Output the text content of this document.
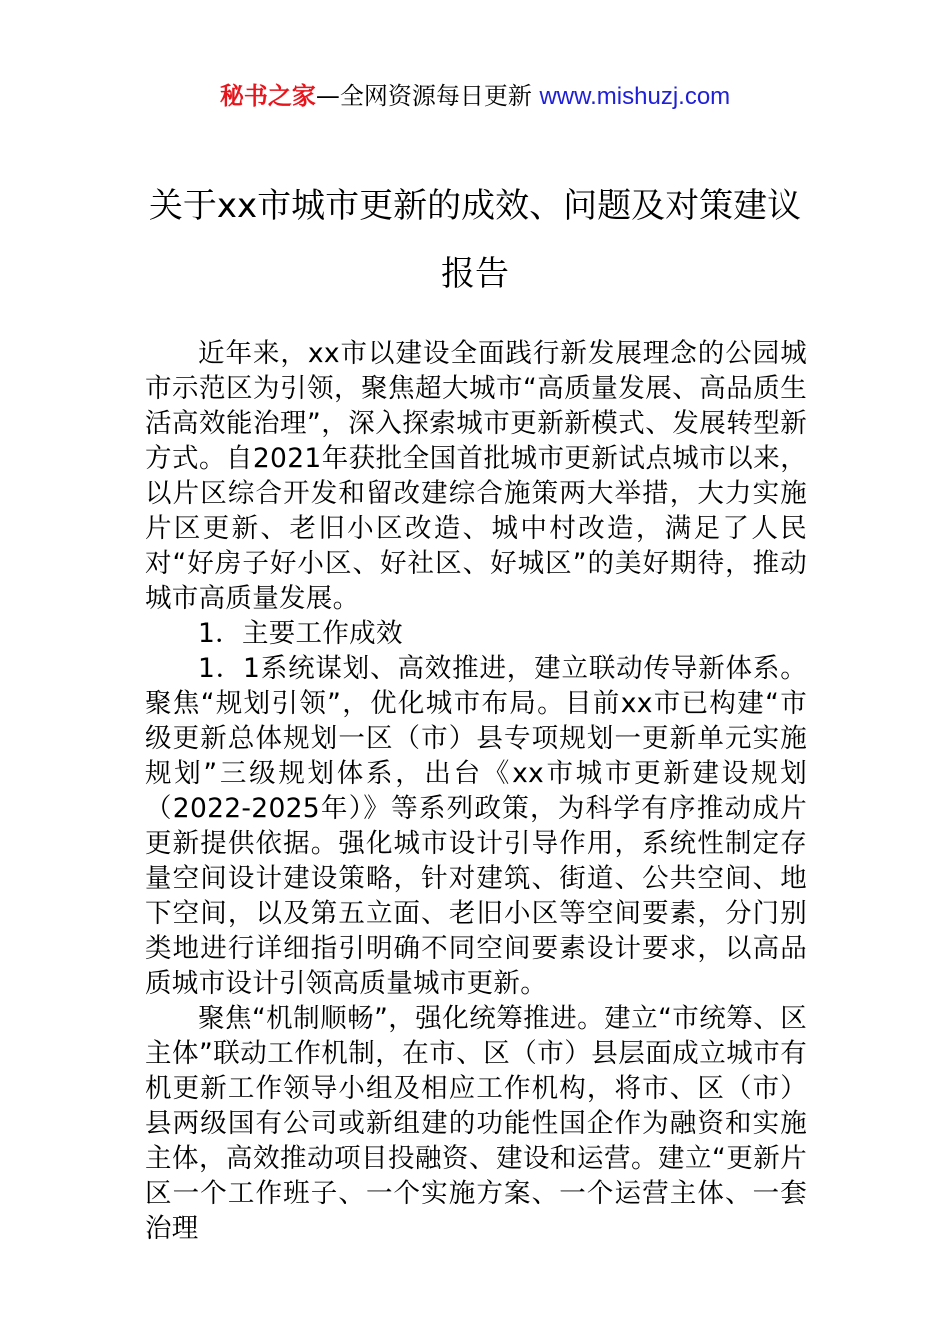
秘书之家—全网资源每日更新 www.mishuzj.com
关于xx市城市更新的成效、问题及对策建议报告

近年来，xx市以建设全面践行新发展理念的公园城市示范区为引领，聚焦超大城市“高质量发展、高品质生活高效能治理”，深入探索城市更新新模式、发展转型新方式。自2021年获批全国首批城市更新试点城市以来，以片区综合开发和留改建综合施策两大举措，大力实施片区更新、老旧小区改造、城中村改造，满足了人民对“好房子好小区、好社区、好城区”的美好期待，推动城市高质量发展。

1．主要工作成效

1．1系统谋划、高效推进，建立联动传导新体系。聚焦“规划引领”，优化城市布局。目前xx市已构建“市级更新总体规划一区（市）县专项规划一更新单元实施规划”三级规划体系，出台《xx市城市更新建设规划（2022-2025年）》等系列政策，为科学有序推动成片更新提供依据。强化城市设计引导作用，系统性制定存量空间设计建设策略，针对建筑、街道、公共空间、地下空间，以及第五立面、老旧小区等空间要素，分门别类地进行详细指引明确不同空间要素设计要求，以高品质城市设计引领高质量城市更新。

聚焦“机制顺畅”，强化统筹推进。建立“市统筹、区主体”联动工作机制，在市、区（市）县层面成立城市有机更新工作领导小组及相应工作机构，将市、区（市）县两级国有公司或新组建的功能性国企作为融资和实施主体，高效推动项目投融资、建设和运营。建立“更新片区一个工作班子、一个实施方案、一个运营主体、一套治理
